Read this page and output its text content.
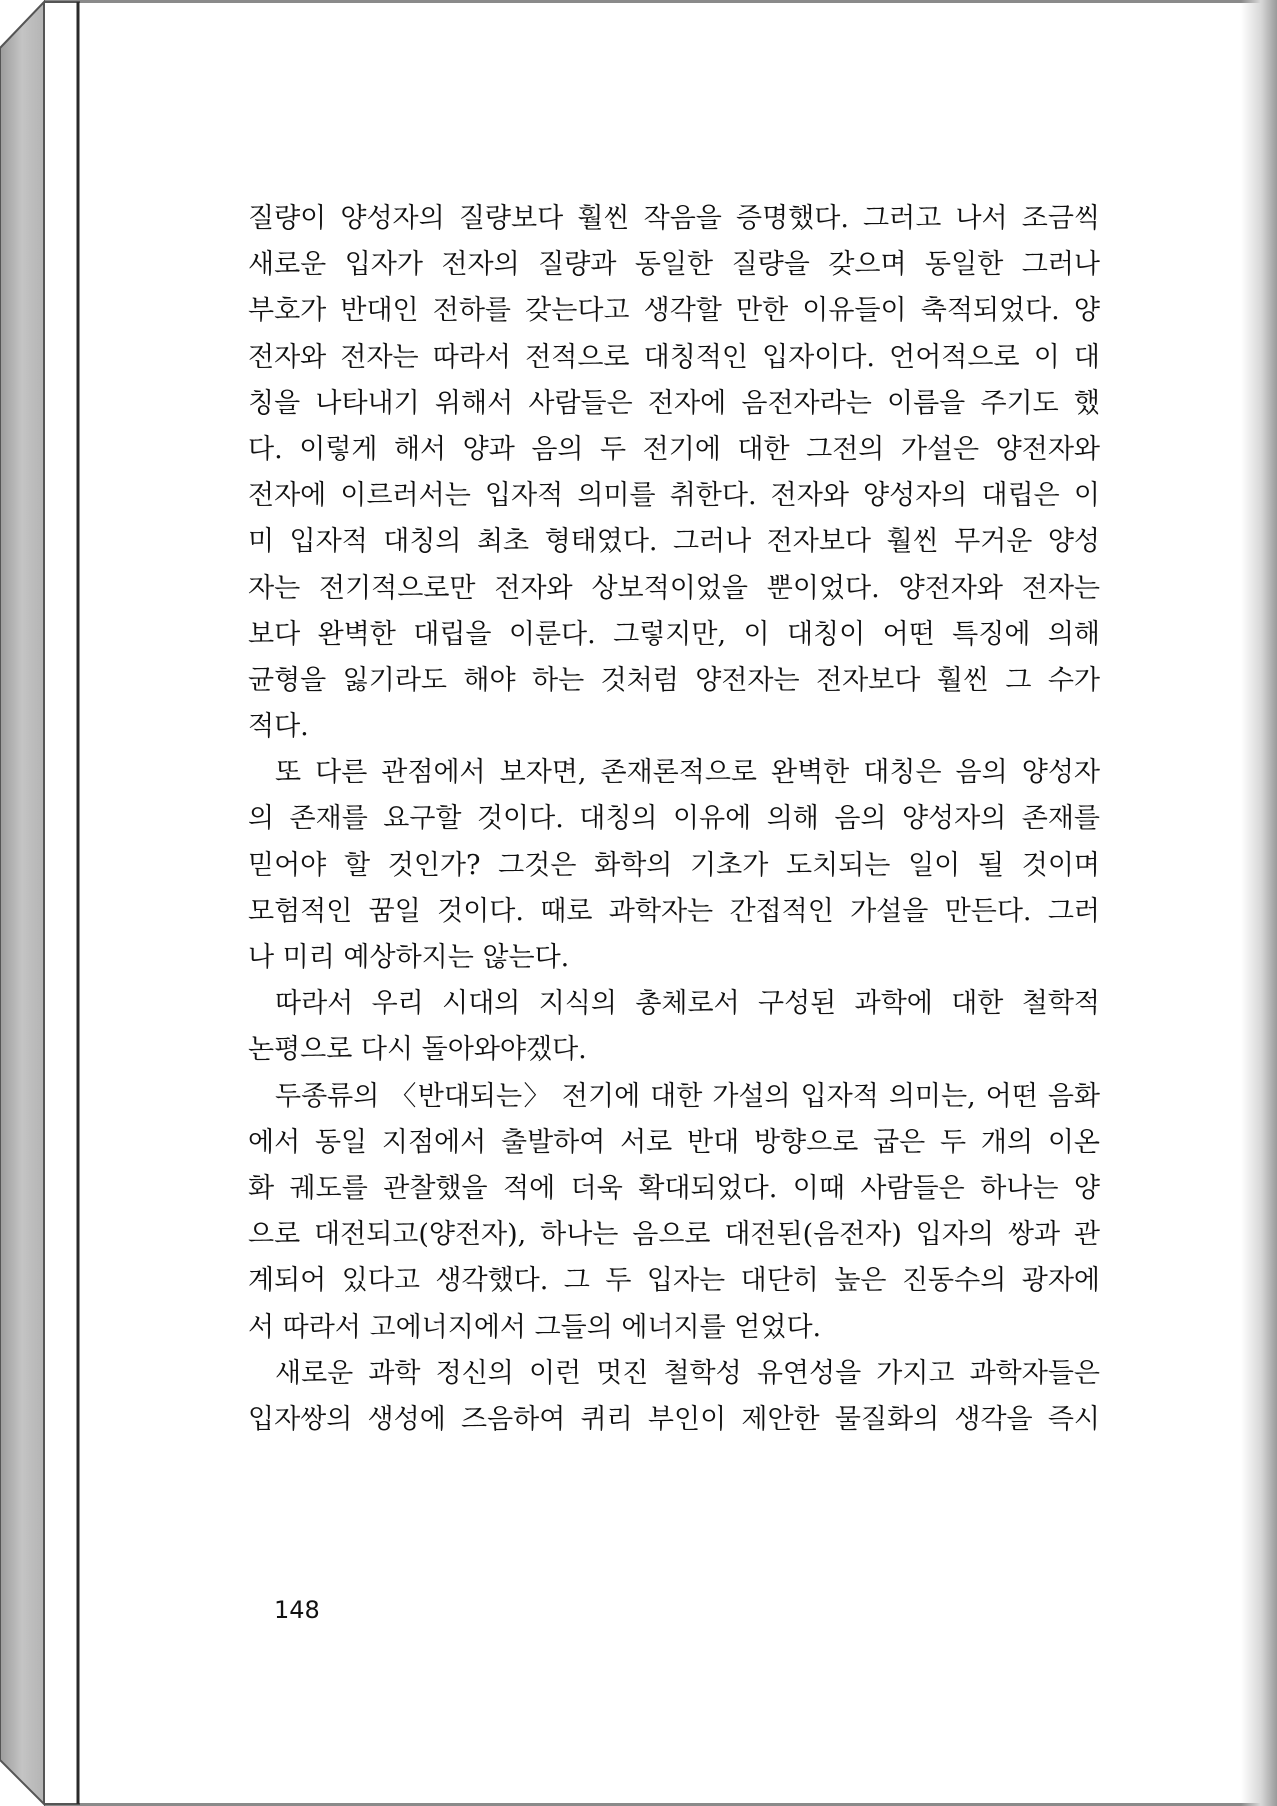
질량이 양성자의 질량보다 훨씬 작음을 증명했다. 그러고 나서 조금씩
새로운 입자가 전자의 질량과 동일한 질량을 갖으며 동일한 그러나
부호가 반대인 전하를 갖는다고 생각할 만한 이유들이 축적되었다. 양
전자와 전자는 따라서 전적으로 대칭적인 입자이다. 언어적으로 이 대
칭을 나타내기 위해서 사람들은 전자에 음전자라는 이름을 주기도 했
다. 이렇게 해서 양과 음의 두 전기에 대한 그전의 가설은 양전자와
전자에 이르러서는 입자적 의미를 취한다. 전자와 양성자의 대립은 이
미 입자적 대칭의 최초 형태였다. 그러나 전자보다 훨씬 무거운 양성
자는 전기적으로만 전자와 상보적이었을 뿐이었다. 양전자와 전자는
보다 완벽한 대립을 이룬다. 그렇지만, 이 대칭이 어떤 특징에 의해
균형을 잃기라도 해야 하는 것처럼 양전자는 전자보다 훨씬 그 수가
적다.
또 다른 관점에서 보자면, 존재론적으로 완벽한 대칭은 음의 양성자
의 존재를 요구할 것이다. 대칭의 이유에 의해 음의 양성자의 존재를
믿어야 할 것인가? 그것은 화학의 기초가 도치되는 일이 될 것이며
모험적인 꿈일 것이다. 때로 과학자는 간접적인 가설을 만든다. 그러
나 미리 예상하지는 않는다.
따라서 우리 시대의 지식의 총체로서 구성된 과학에 대한 철학적
논평으로 다시 돌아와야겠다.
두종류의 〈반대되는〉 전기에 대한 가설의 입자적 의미는, 어떤 음화
에서 동일 지점에서 출발하여 서로 반대 방향으로 굽은 두 개의 이온
화 궤도를 관찰했을 적에 더욱 확대되었다. 이때 사람들은 하나는 양
으로 대전되고(양전자), 하나는 음으로 대전된(음전자) 입자의 쌍과 관
계되어 있다고 생각했다. 그 두 입자는 대단히 높은 진동수의 광자에
서 따라서 고에너지에서 그들의 에너지를 얻었다.
새로운 과학 정신의 이런 멋진 철학성 유연성을 가지고 과학자들은
입자쌍의 생성에 즈음하여 퀴리 부인이 제안한 물질화의 생각을 즉시
148
